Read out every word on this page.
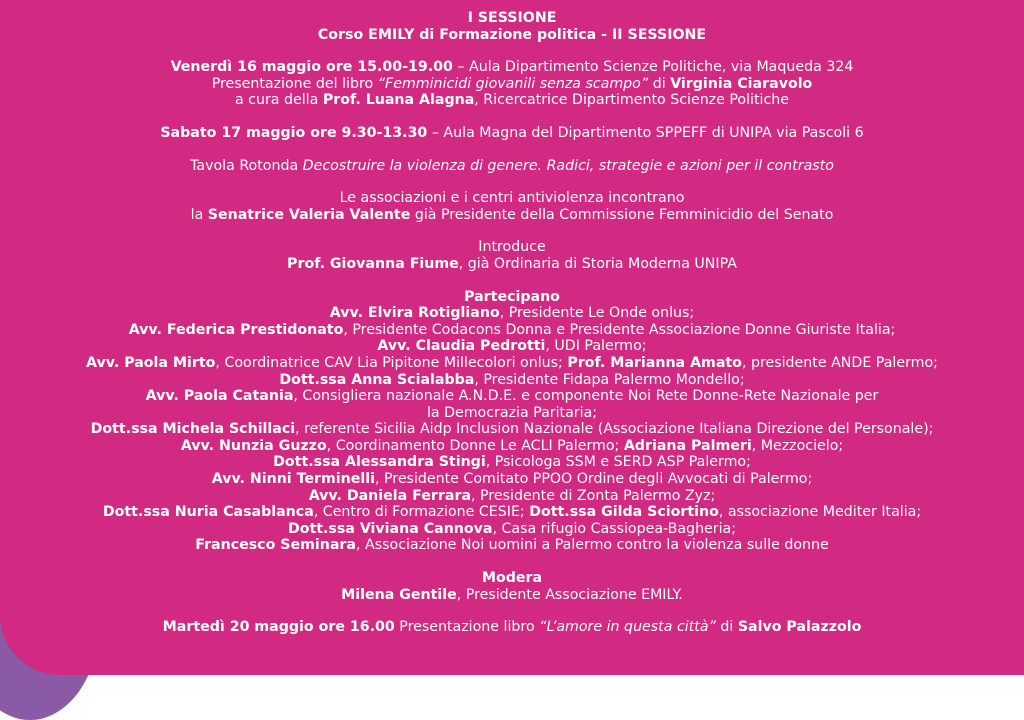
I SESSIONE
Corso EMILY di Formazione politica - II SESSIONE
Venerdì 16 maggio ore 15.00-19.00 – Aula Dipartimento Scienze Politiche, via Maqueda 324
Presentazione del libro “Femminicidi giovanili senza scampo” di Virginia Ciaravolo
a cura della Prof. Luana Alagna, Ricercatrice Dipartimento Scienze Politiche
Sabato 17 maggio ore 9.30-13.30 – Aula Magna del Dipartimento SPPEFF di UNIPA via Pascoli 6
Tavola Rotonda Decostruire la violenza di genere. Radici, strategie e azioni per il contrasto
Le associazioni e i centri antiviolenza incontrano
la Senatrice Valeria Valente già Presidente della Commissione Femminicidio del Senato
Introduce
Prof. Giovanna Fiume, già Ordinaria di Storia Moderna UNIPA
Partecipano
Avv. Elvira Rotigliano, Presidente Le Onde onlus;
Avv. Federica Prestidonato, Presidente Codacons Donna e Presidente Associazione Donne Giuriste Italia;
Avv. Claudia Pedrotti, UDI Palermo;
Avv. Paola Mirto, Coordinatrice CAV Lia Pipitone Millecolori onlus; Prof. Marianna Amato, presidente ANDE Palermo;
Dott.ssa Anna Scialabba, Presidente Fidapa Palermo Mondello;
Avv. Paola Catania, Consigliera nazionale A.N.D.E. e componente Noi Rete Donne-Rete Nazionale per
la Democrazia Paritaria;
Dott.ssa Michela Schillaci, referente Sicilia Aidp Inclusion Nazionale (Associazione Italiana Direzione del Personale);
Avv. Nunzia Guzzo, Coordinamento Donne Le ACLI Palermo; Adriana Palmeri, Mezzocielo;
Dott.ssa Alessandra Stingi, Psicologa SSM e SERD ASP Palermo;
Avv. Ninni Terminelli, Presidente Comitato PPOO Ordine degli Avvocati di Palermo;
Avv. Daniela Ferrara, Presidente di Zonta Palermo Zyz;
Dott.ssa Nuria Casablanca, Centro di Formazione CESIE; Dott.ssa Gilda Sciortino, associazione Mediter Italia;
Dott.ssa Viviana Cannova, Casa rifugio Cassiopea-Bagheria;
Francesco Seminara, Associazione Noi uomini a Palermo contro la violenza sulle donne
Modera
Milena Gentile, Presidente Associazione EMILY.
Martedì 20 maggio ore 16.00 Presentazione libro “L’amore in questa città” di Salvo Palazzolo
